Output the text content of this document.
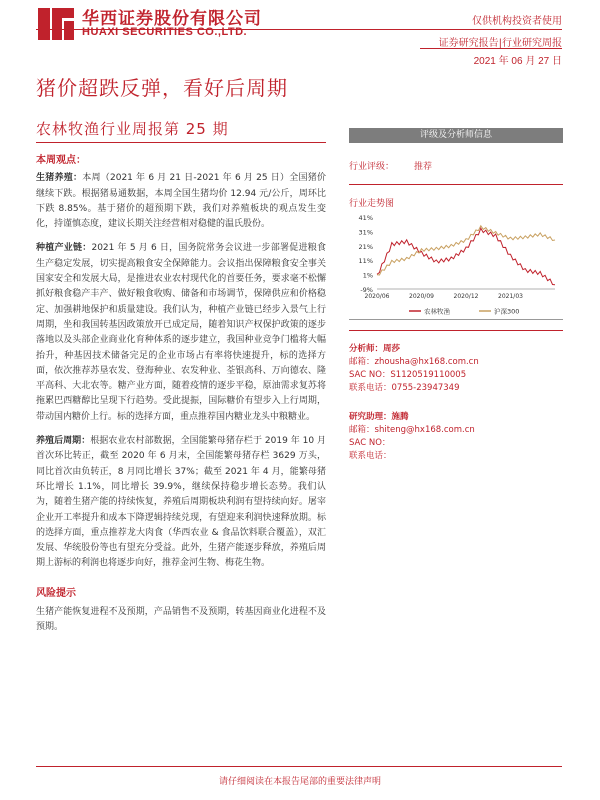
华西证券股份有限公司
HUAXI SECURITIES CO.,LTD.
仅供机构投资者使用
证券研究报告|行业研究周报
2021 年 06 月 27 日
猪价超跌反弹，看好后周期
农林牧渔行业周报第 25 期
本周观点：

生猪养殖：本周（2021 年 6 月 21 日-2021 年 6 月 25 日）全国猪价继续下跌。根据猪易通数据，本周全国生猪均价 12.94 元/公斤，周环比下跌 8.85%。基于猪价的超预期下跌，我们对养殖板块的观点发生变化，持谨慎态度，建议长期关注经营相对稳健的温氏股份。

种植产业链：2021 年 5 月 6 日，国务院常务会议进一步部署促进粮食生产稳定发展，切实提高粮食安全保障能力。会议指出保障粮食安全事关国家安全和发展大局，是推进农业农村现代化的首要任务，要求毫不松懈抓好粮食稳产丰产、做好粮食收购、储备和市场调节，保障供应和价格稳定、加强耕地保护和质量建设。我们认为，种植产业链已经步入景气上行周期，坐和我国转基因政策放开已成定局，随着知识产权保护政策的逐步落地以及头部企业商业化育种体系的逐步建立，我国种业竞争门槛将大幅抬升，种基因技术储备完足的企业市场占有率将快速提升，标的选择方面，依次推荐苏垦农发、登海种业、农发种业、荃银高科、万向德农、隆平高科、大北农等。糖产业方面，随着疫情的逐步平稳，原油需求复苏将拖累巴西糖醇比呈现下行趋势。受此提振，国际糖价有望步入上行周期，带动国内糖价上行。标的选择方面，重点推荐国内糖业龙头中粮糖业。

养殖后周期：根据农业农村部数据，全国能繁母猪存栏于 2019 年 10 月首次环比转正，截至 2020 年 6 月末，全国能繁母猪存栏 3629 万头，同比首次由负转正，8 月同比增长 37%；截至 2021 年 4 月，能繁母猪环比增长 1.1%，同比增长 39.9%，继续保持稳步增长态势。我们认为，随着生猪产能的持续恢复，养殖后周期板块利润有望持续向好。屠宰企业开工率提升和成本下降逻辑持续兑现，有望迎来利润快速释放期。标的选择方面，重点推荐龙大肉食（华西农业 & 食品饮料联合覆盖），双汇发展、华统股份等也有望充分受益。此外，生猪产能逐步释放，养殖后周期上游标的利润也将逐步向好，推荐金河生物、梅花生物。

风险提示

生猪产能恢复进程不及预期，产品销售不及预期，转基因商业化进程不及预期。

评级及分析师信息
行业评级： 推荐
行业走势图
-9%
1%
11%
21%
31%
41%
2020/06	2020/09	2020/12	2021/03
农林牧渔	沪深300
分析师：周莎
邮箱：zhousha@hx168.com.cn
SAC NO：S1120519110005
联系电话：0755-23947349
研究助理：施腾
邮箱：shiteng@hx168.com.cn
SAC NO：
联系电话：
请仔细阅读在本报告尾部的重要法律声明
